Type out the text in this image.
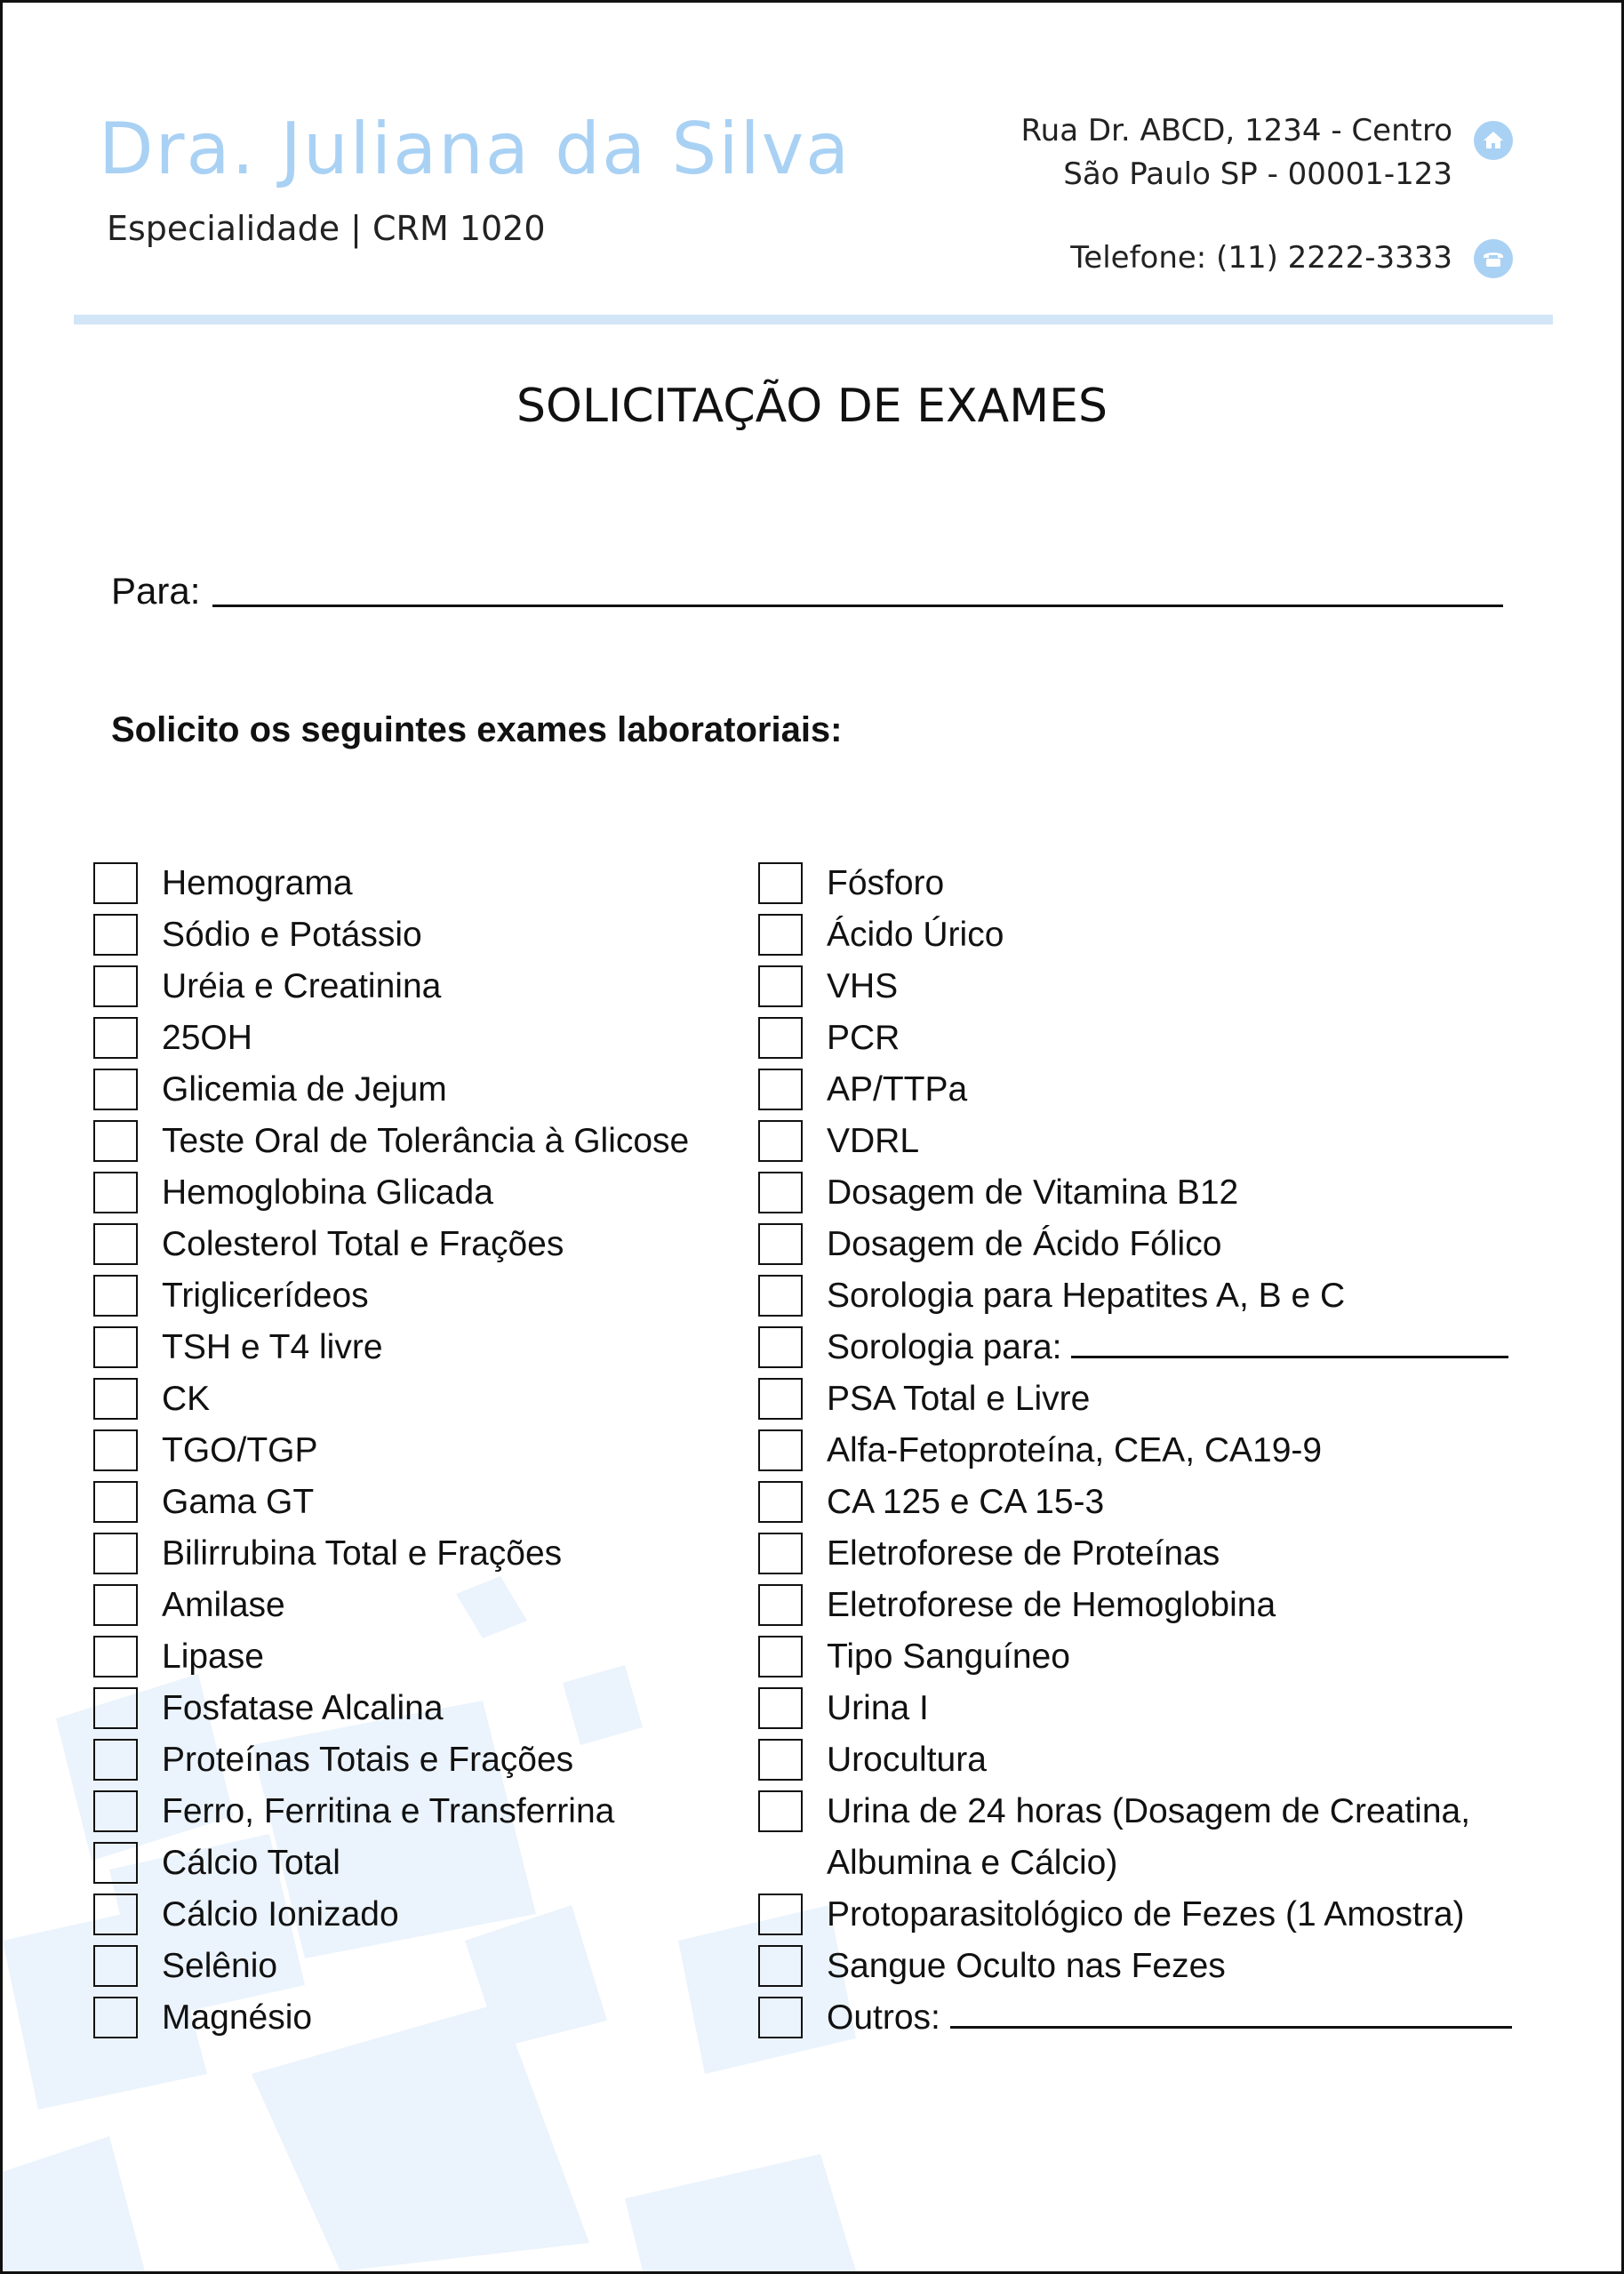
Dra. Juliana da Silva
Especialidade | CRM 1020
Rua Dr. ABCD, 1234 - Centro
São Paulo SP - 00001-123
Telefone: (11) 2222-3333
SOLICITAÇÃO DE EXAMES
Para:
Solicito os seguintes exames laboratoriais:
Hemograma
Sódio e Potássio
Uréia e Creatinina
25OH
Glicemia de Jejum
Teste Oral de Tolerância à Glicose
Hemoglobina Glicada
Colesterol Total e Frações
Triglicerídeos
TSH e T4 livre
CK
TGO/TGP
Gama GT
Bilirrubina Total e Frações
Amilase
Lipase
Fosfatase Alcalina
Proteínas Totais e Frações
Ferro, Ferritina e Transferrina
Cálcio Total
Cálcio Ionizado
Selênio
Magnésio
Fósforo
Ácido Úrico
VHS
PCR
AP/TTPa
VDRL
Dosagem de Vitamina B12
Dosagem de Ácido Fólico
Sorologia para Hepatites A, B e C
Sorologia para:
PSA Total e Livre
Alfa-Fetoproteína, CEA, CA19-9
CA 125 e CA 15-3
Eletroforese de Proteínas
Eletroforese de Hemoglobina
Tipo Sanguíneo
Urina I
Urocultura
Urina de 24 horas (Dosagem de Creatina, Albumina e Cálcio)
Protoparasitológico de Fezes (1 Amostra)
Sangue Oculto nas Fezes
Outros:
